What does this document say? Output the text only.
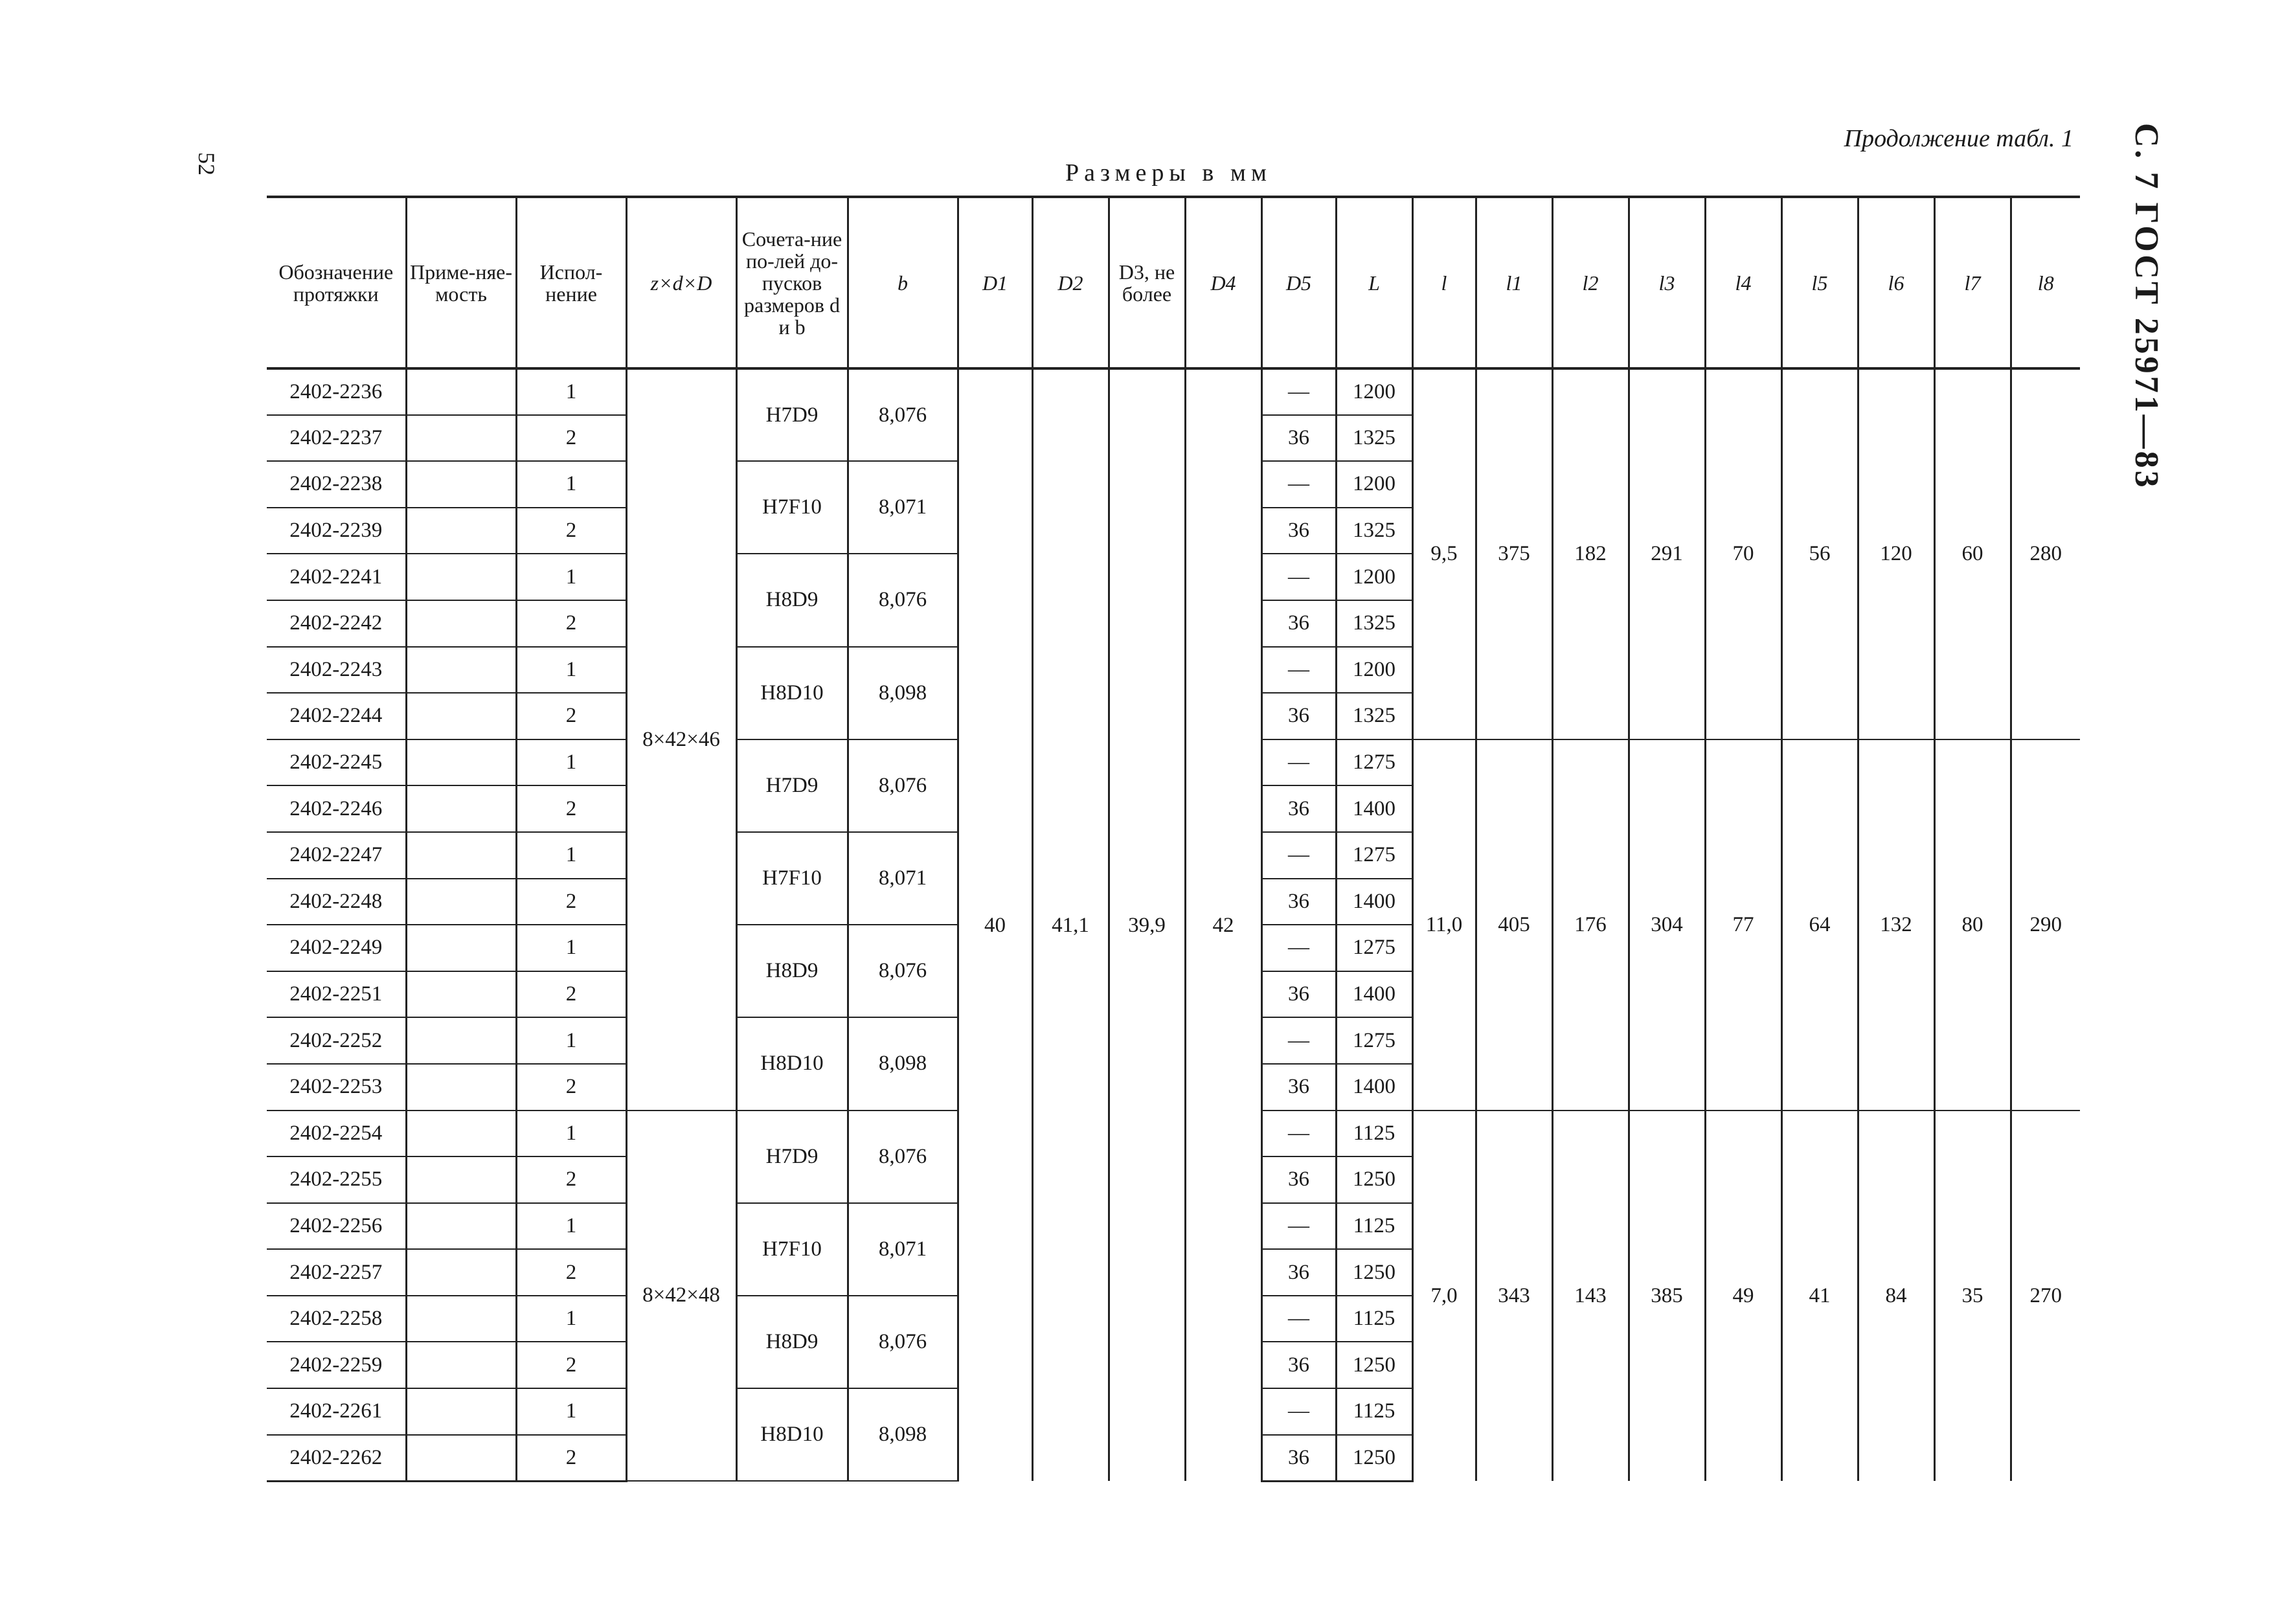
52
Продолжение табл. 1 С. 7 ГОСТ 25971—83
Размеры в мм
Обозначение протяжки	Приме-няе-мость	Испол-нение	z×d×D	Сочета-ние по-лей до-пусков размеров d и b	b	D1	D2	D3, не более	D4	D5	L	l	l1	l2	l3	l4	l5	l6	l7	l8
2402-2236		1	8×42×46	H7D9	8,076	40	41,1	39,9	42	—	1200	9,5	375	182	291	70	56	120	60	280
2402-2237		2								36	1325									
2402-2238		1		H7F10	8,071					—	1200									
2402-2239		2								36	1325									
2402-2241		1		H8D9	8,076					—	1200									
2402-2242		2								36	1325									
2402-2243		1		H8D10	8,098					—	1200									
2402-2244		2								36	1325									
2402-2245		1		H7D9	8,076					—	1275	11,0	405	176	304	77	64	132	80	290
2402-2246		2								36	1400									
2402-2247		1		H7F10	8,071					—	1275									
2402-2248		2								36	1400									
2402-2249		1		H8D9	8,076					—	1275									
2402-2251		2								36	1400									
2402-2252		1		H8D10	8,098					—	1275									
2402-2253		2								36	1400									
2402-2254		1	8×42×48	H7D9	8,076					—	1125	7,0	343	143	385	49	41	84	35	270
2402-2255		2								36	1250									
2402-2256		1		H7F10	8,071					—	1125									
2402-2257		2								36	1250									
2402-2258		1		H8D9	8,076					—	1125									
2402-2259		2								36	1250									
2402-2261		1		H8D10	8,098					—	1125									
2402-2262		2								36	1250									
